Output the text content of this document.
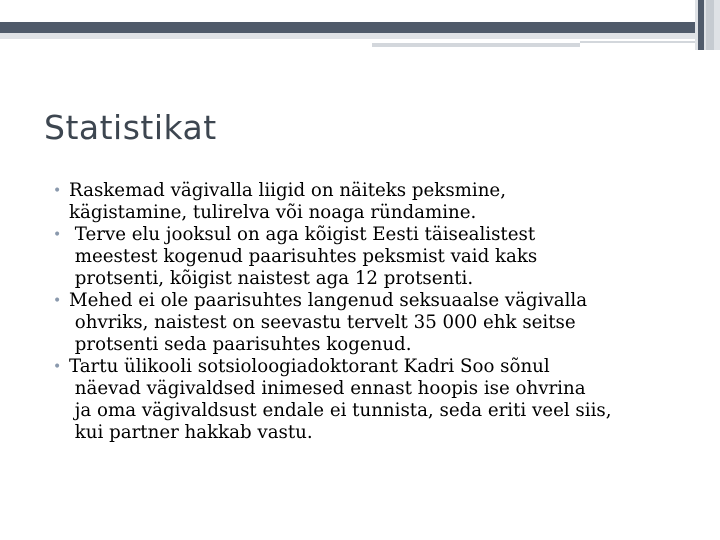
Statistikat
• Raskemad vägivalla liigid on näiteks peksmine,
kägistamine, tulirelva või noaga ründamine.
• Terve elu jooksul on aga kõigist Eesti täisealistest
meestest kogenud paarisuhtes peksmist vaid kaks
protsenti, kõigist naistest aga 12 protsenti.
• Mehed ei ole paarisuhtes langenud seksuaalse vägivalla
ohvriks, naistest on seevastu tervelt 35 000 ehk seitse
protsenti seda paarisuhtes kogenud.
• Tartu ülikooli sotsioloogiadoktorant Kadri Soo sõnul
näevad vägivaldsed inimesed ennast hoopis ise ohvrina
ja oma vägivaldsust endale ei tunnista, seda eriti veel siis,
kui partner hakkab vastu.
